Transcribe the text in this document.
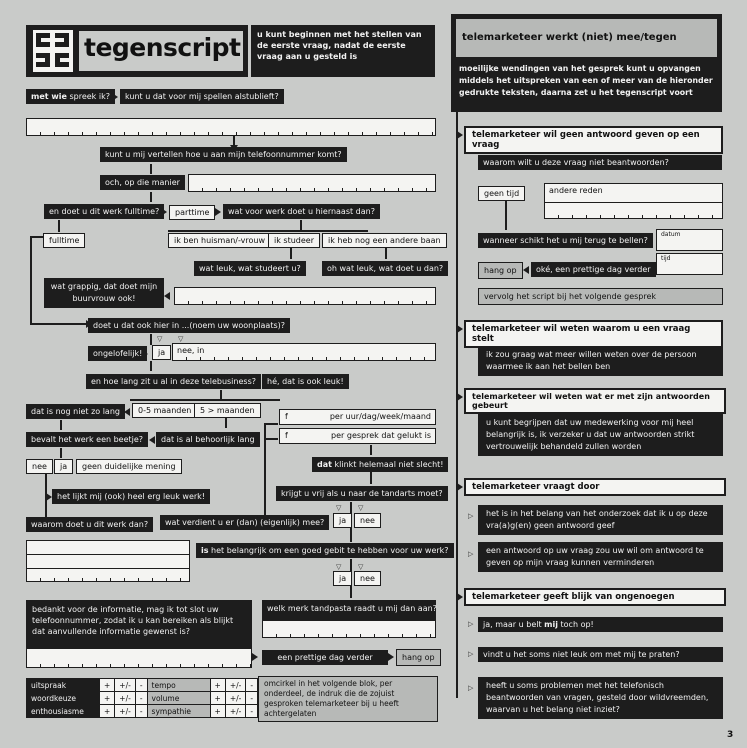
tegenscript	u kunt beginnen met het stellen van de eerste vraag, nadat de eerste vraag aan u gesteld is
met wie spreek ik?	kunt u dat voor mij spellen alstublieft?
kunt u mij vertellen hoe u aan mijn telefoonnummer komt?
och, op die manier
en doet u dit werk fulltime?	parttime	wat voor werk doet u hiernaast dan?
fulltime	ik ben huisman/-vrouw	ik studeer	ik heb nog een andere baan
wat leuk, wat studeert u?	oh wat leuk, wat doet u dan?
wat grappig, dat doet mijn buurvrouw ook!
doet u dat ook hier in ...(noem uw woonplaats)?
ongelofelijk!	ja	nee, in
▽ ▽
en hoe lang zit u al in deze telebusiness?	hé, dat is ook leuk!
dat is nog niet zo lang	0-5 maanden	5 > maanden
bevalt het werk een beetje?	dat is al behoorlijk lang
nee	ja	geen duidelijke mening
het lijkt mij (ook) heel erg leuk werk!
waarom doet u dit werk dan?	wat verdient u er (dan) (eigenlijk) mee?
f	per uur/dag/week/maand
f	per gesprek dat gelukt is
dat klinkt helemaal niet slecht!
krijgt u vrij als u naar de tandarts moet?
ja	nee
▽ ▽
is het belangrijk om een goed gebit te hebben voor uw werk?
ja	nee
▽ ▽
bedankt voor de informatie, mag ik tot slot uw telefoonnummer, zodat ik u kan bereiken als blijkt dat aanvullende informatie gewenst is?
welk merk tandpasta raadt u mij dan aan?
een prettige dag verder	hang op
uitspraak	+	+/-	-	tempo	+	+/-	-
woordkeuze	+	+/-	-	volume	+	+/-	-
enthousiasme	+	+/-	-	sympathie	+	+/-	-
omcirkel in het volgende blok, per onderdeel, de indruk die de zojuist gesproken telemarketeer bij u heeft achtergelaten
telemarketeer werkt (niet) mee/tegen
moeilijke wendingen van het gesprek kunt u opvangen middels het uitspreken van een of meer van de hieronder gedrukte teksten, daarna zet u het tegenscript voort
telemarketeer wil geen antwoord geven op een vraag
waarom wilt u deze vraag niet beantwoorden?
geen tijd	andere reden
wanneer schikt het u mij terug te bellen?
datum
tijd
hang op	oké, een prettige dag verder
vervolg het script bij het volgende gesprek
telemarketeer wil weten waarom u een vraag stelt
ik zou graag wat meer willen weten over de persoon waarmee ik aan het bellen ben
telemarketeer wil weten wat er met zijn antwoorden gebeurt
u kunt begrijpen dat uw medewerking voor mij heel belangrijk is, ik verzeker u dat uw antwoorden strikt vertrouwelijk behandeld zullen worden
telemarketeer vraagt door
het is in het belang van het onderzoek dat ik u op deze vra(a)g(en) geen antwoord geef
▷
een antwoord op uw vraag zou uw wil om antwoord te geven op mijn vraag kunnen verminderen
▷
telemarketeer geeft blijk van ongenoegen
ja, maar u belt mij toch op!
▷
vindt u het soms niet leuk om met mij te praten?
▷
heeft u soms problemen met het telefonisch beantwoorden van vragen, gesteld door wildvreemden, waarvan u het belang niet inziet?
▷
3
